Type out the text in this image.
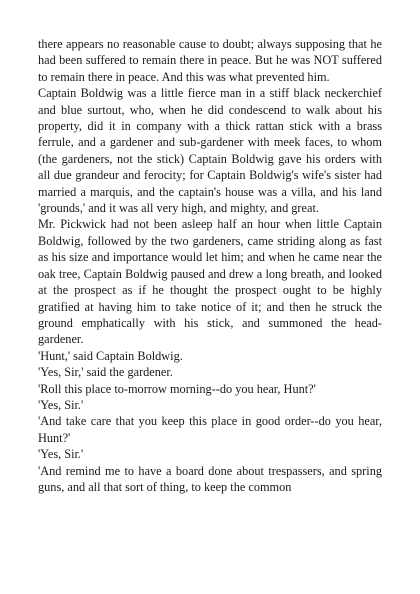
there appears no reasonable cause to doubt; always supposing that he had been suffered to remain there in peace. But he was NOT suffered to remain there in peace. And this was what prevented him.

Captain Boldwig was a little fierce man in a stiff black neckerchief and blue surtout, who, when he did condescend to walk about his property, did it in company with a thick rattan stick with a brass ferrule, and a gardener and sub-gardener with meek faces, to whom (the gardeners, not the stick) Captain Boldwig gave his orders with all due grandeur and ferocity; for Captain Boldwig's wife's sister had married a marquis, and the captain's house was a villa, and his land 'grounds,' and it was all very high, and mighty, and great.

Mr. Pickwick had not been asleep half an hour when little Captain Boldwig, followed by the two gardeners, came striding along as fast as his size and importance would let him; and when he came near the oak tree, Captain Boldwig paused and drew a long breath, and looked at the prospect as if he thought the prospect ought to be highly gratified at having him to take notice of it; and then he struck the ground emphatically with his stick, and summoned the head-gardener.

'Hunt,' said Captain Boldwig.

'Yes, Sir,' said the gardener.

'Roll this place to-morrow morning--do you hear, Hunt?'

'Yes, Sir.'

'And take care that you keep this place in good order--do you hear, Hunt?'

'Yes, Sir.'

'And remind me to have a board done about trespassers, and spring guns, and all that sort of thing, to keep the common
